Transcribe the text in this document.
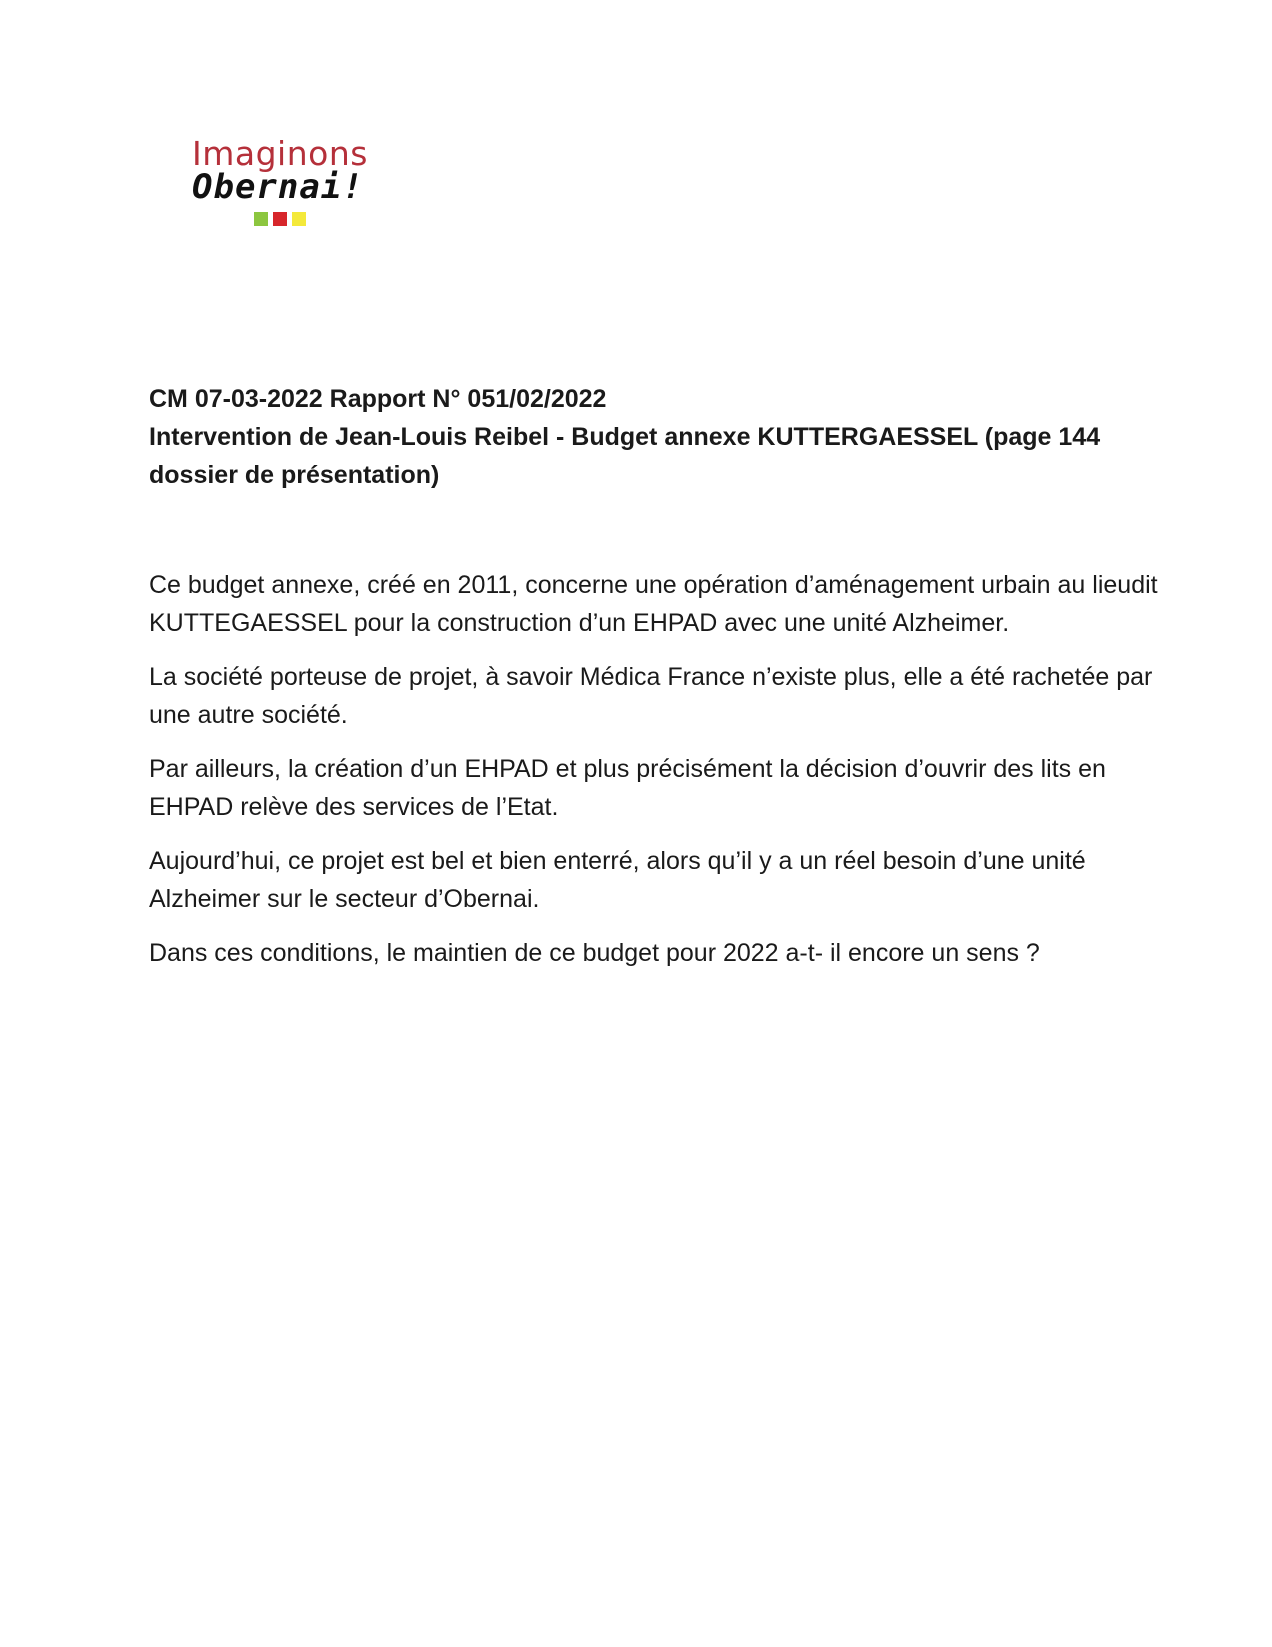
Imaginons
Obernai!

CM 07-03-2022 Rapport N° 051/02/2022

Intervention de Jean-Louis Reibel - Budget annexe KUTTERGAESSEL (page 144 dossier de présentation)

Ce budget annexe, créé en 2011, concerne une opération d’aménagement urbain au lieudit KUTTEGAESSEL pour la construction d’un EHPAD avec une unité Alzheimer.

La société porteuse de projet, à savoir Médica France n’existe plus, elle a été rachetée par une autre société.

Par ailleurs, la création d’un EHPAD et plus précisément la décision d’ouvrir des lits en EHPAD relève des services de l’Etat.

Aujourd’hui, ce projet est bel et bien enterré, alors qu’il y a un réel besoin d’une unité Alzheimer sur le secteur d’Obernai.

Dans ces conditions, le maintien de ce budget pour 2022 a-t- il encore un sens ?
